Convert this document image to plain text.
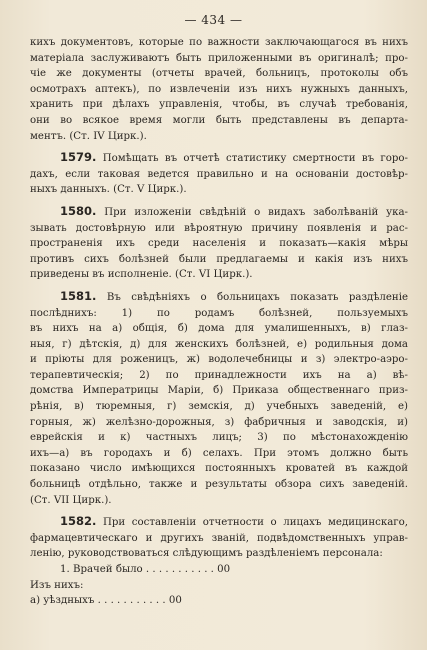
— 434 —
кихъ документовъ, которые по важности заключающагося въ нихъ
матеріала заслуживаютъ быть приложенными въ оригиналѣ; про-
чіе же документы (отчеты врачей, больницъ, протоколы объ
осмотрахъ аптекъ), по извлеченіи изъ нихъ нужныхъ данныхъ,
хранить при дѣлахъ управленія, чтобы, въ случаѣ требованія,
они во всякое время могли быть представлены въ департа-
ментъ. (Ст. IV Цирк.).
1579. Помѣщать въ отчетѣ статистику смертности въ горо-
дахъ, если таковая ведется правильно и на основаніи достовѣр-
ныхъ данныхъ. (Ст. V Цирк.).
1580. При изложеніи свѣдѣній о видахъ заболѣваній ука-
зывать достовѣрную или вѣроятную причину появленія и рас-
пространенія ихъ среди населенія и показать—какія мѣры
противъ сихъ болѣзней были предлагаемы и какія изъ нихъ
приведены въ исполненіе. (Ст. VI Цирк.).
1581. Въ свѣдѣніяхъ о больницахъ показать раздѣленіе
послѣднихъ: 1) по родамъ болѣзней, пользуемыхъ
въ нихъ на а) общія, б) дома для умалишенныхъ, в) глаз-
ныя, г) дѣтскія, д) для женскихъ болѣзней, е) родильныя дома
и пріюты для роженицъ, ж) водолечебницы и з) электро-аэро-
терапевтическія; 2) по принадлежности ихъ на а) вѣ-
домства Императрицы Маріи, б) Приказа общественнаго приз-
рѣнія, в) тюремныя, г) земскія, д) учебныхъ заведеній, е)
горныя, ж) желѣзно-дорожныя, з) фабричныя и заводскія, и)
еврейскія и к) частныхъ лицъ; 3) по мѣстонахожденію
ихъ—а) въ городахъ и б) селахъ. При этомъ должно быть
показано число имѣющихся постоянныхъ кроватей въ каждой
больницѣ отдѣльно, также и результаты обзора сихъ заведеній.
(Ст. VII Цирк.).
1582. При составленіи отчетности о лицахъ медицинскаго,
фармацевтическаго и другихъ званій, подвѣдомственныхъ управ-
ленію, руководствоваться слѣдующимъ раздѣленіемъ персонала:
1. Врачей было . . . . . . . . . . . 00
Изъ нихъ:
а) уѣздныхъ . . . . . . . . . . . 00
